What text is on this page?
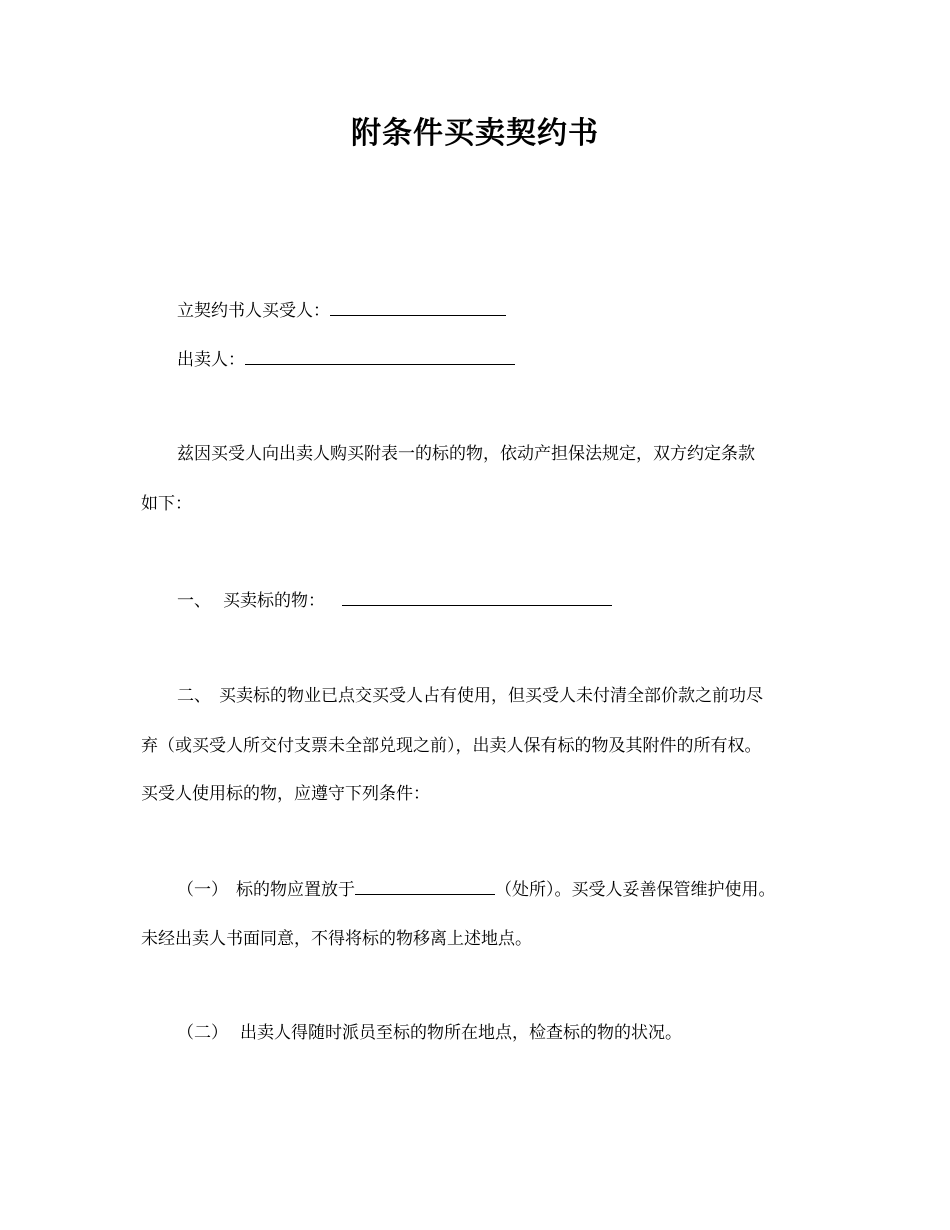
附条件买卖契约书
立契约书人买受人：
出卖人：
兹因买受人向出卖人购买附表一的标的物，依动产担保法规定，双方约定条款
如下：
一、 买卖标的物：
二、 买卖标的物业已点交买受人占有使用，但买受人未付清全部价款之前功尽
弃（或买受人所交付支票未全部兑现之前），出卖人保有标的物及其附件的所有权。
买受人使用标的物，应遵守下列条件：
（一） 标的物应置放于	（处所）。买受人妥善保管维护使用。
未经出卖人书面同意，不得将标的物移离上述地点。
（二） 出卖人得随时派员至标的物所在地点，检查标的物的状况。
